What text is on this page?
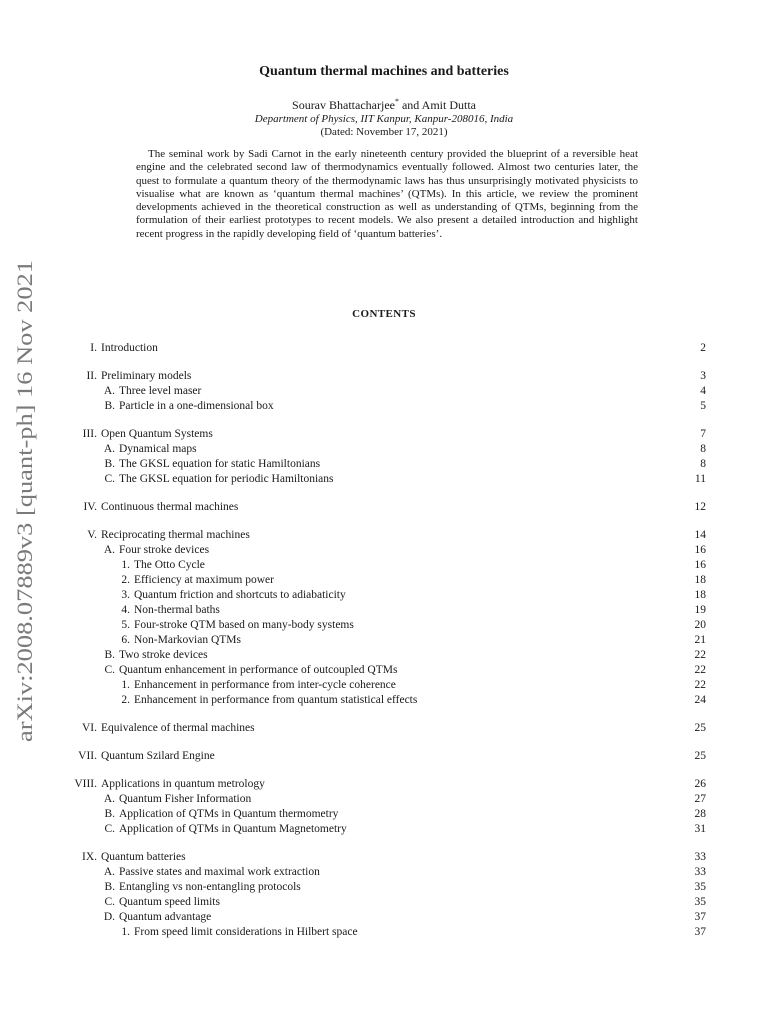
arXiv:2008.07889v3 [quant-ph] 16 Nov 2021
Quantum thermal machines and batteries
Sourav Bhattacharjee* and Amit Dutta
Department of Physics, IIT Kanpur, Kanpur-208016, India
(Dated: November 17, 2021)
The seminal work by Sadi Carnot in the early nineteenth century provided the blueprint of a reversible heat engine and the celebrated second law of thermodynamics eventually followed. Almost two centuries later, the quest to formulate a quantum theory of the thermodynamic laws has thus unsurprisingly motivated physicists to visualise what are known as ‘quantum thermal machines’ (QTMs). In this article, we review the prominent developments achieved in the theoretical construction as well as understanding of QTMs, beginning from the formulation of their earliest prototypes to recent models. We also present a detailed introduction and highlight recent progress in the rapidly developing field of ‘quantum batteries’.
CONTENTS
I. Introduction	2
II. Preliminary models	3
A. Three level maser	4
B. Particle in a one-dimensional box	5
III. Open Quantum Systems	7
A. Dynamical maps	8
B. The GKSL equation for static Hamiltonians	8
C. The GKSL equation for periodic Hamiltonians	11
IV. Continuous thermal machines	12
V. Reciprocating thermal machines	14
A. Four stroke devices	16
1. The Otto Cycle	16
2. Efficiency at maximum power	18
3. Quantum friction and shortcuts to adiabaticity	18
4. Non-thermal baths	19
5. Four-stroke QTM based on many-body systems	20
6. Non-Markovian QTMs	21
B. Two stroke devices	22
C. Quantum enhancement in performance of outcoupled QTMs	22
1. Enhancement in performance from inter-cycle coherence	22
2. Enhancement in performance from quantum statistical effects	24
VI. Equivalence of thermal machines	25
VII. Quantum Szilard Engine	25
VIII. Applications in quantum metrology	26
A. Quantum Fisher Information	27
B. Application of QTMs in Quantum thermometry	28
C. Application of QTMs in Quantum Magnetometry	31
IX. Quantum batteries	33
A. Passive states and maximal work extraction	33
B. Entangling vs non-entangling protocols	35
C. Quantum speed limits	35
D. Quantum advantage	37
1. From speed limit considerations in Hilbert space	37
